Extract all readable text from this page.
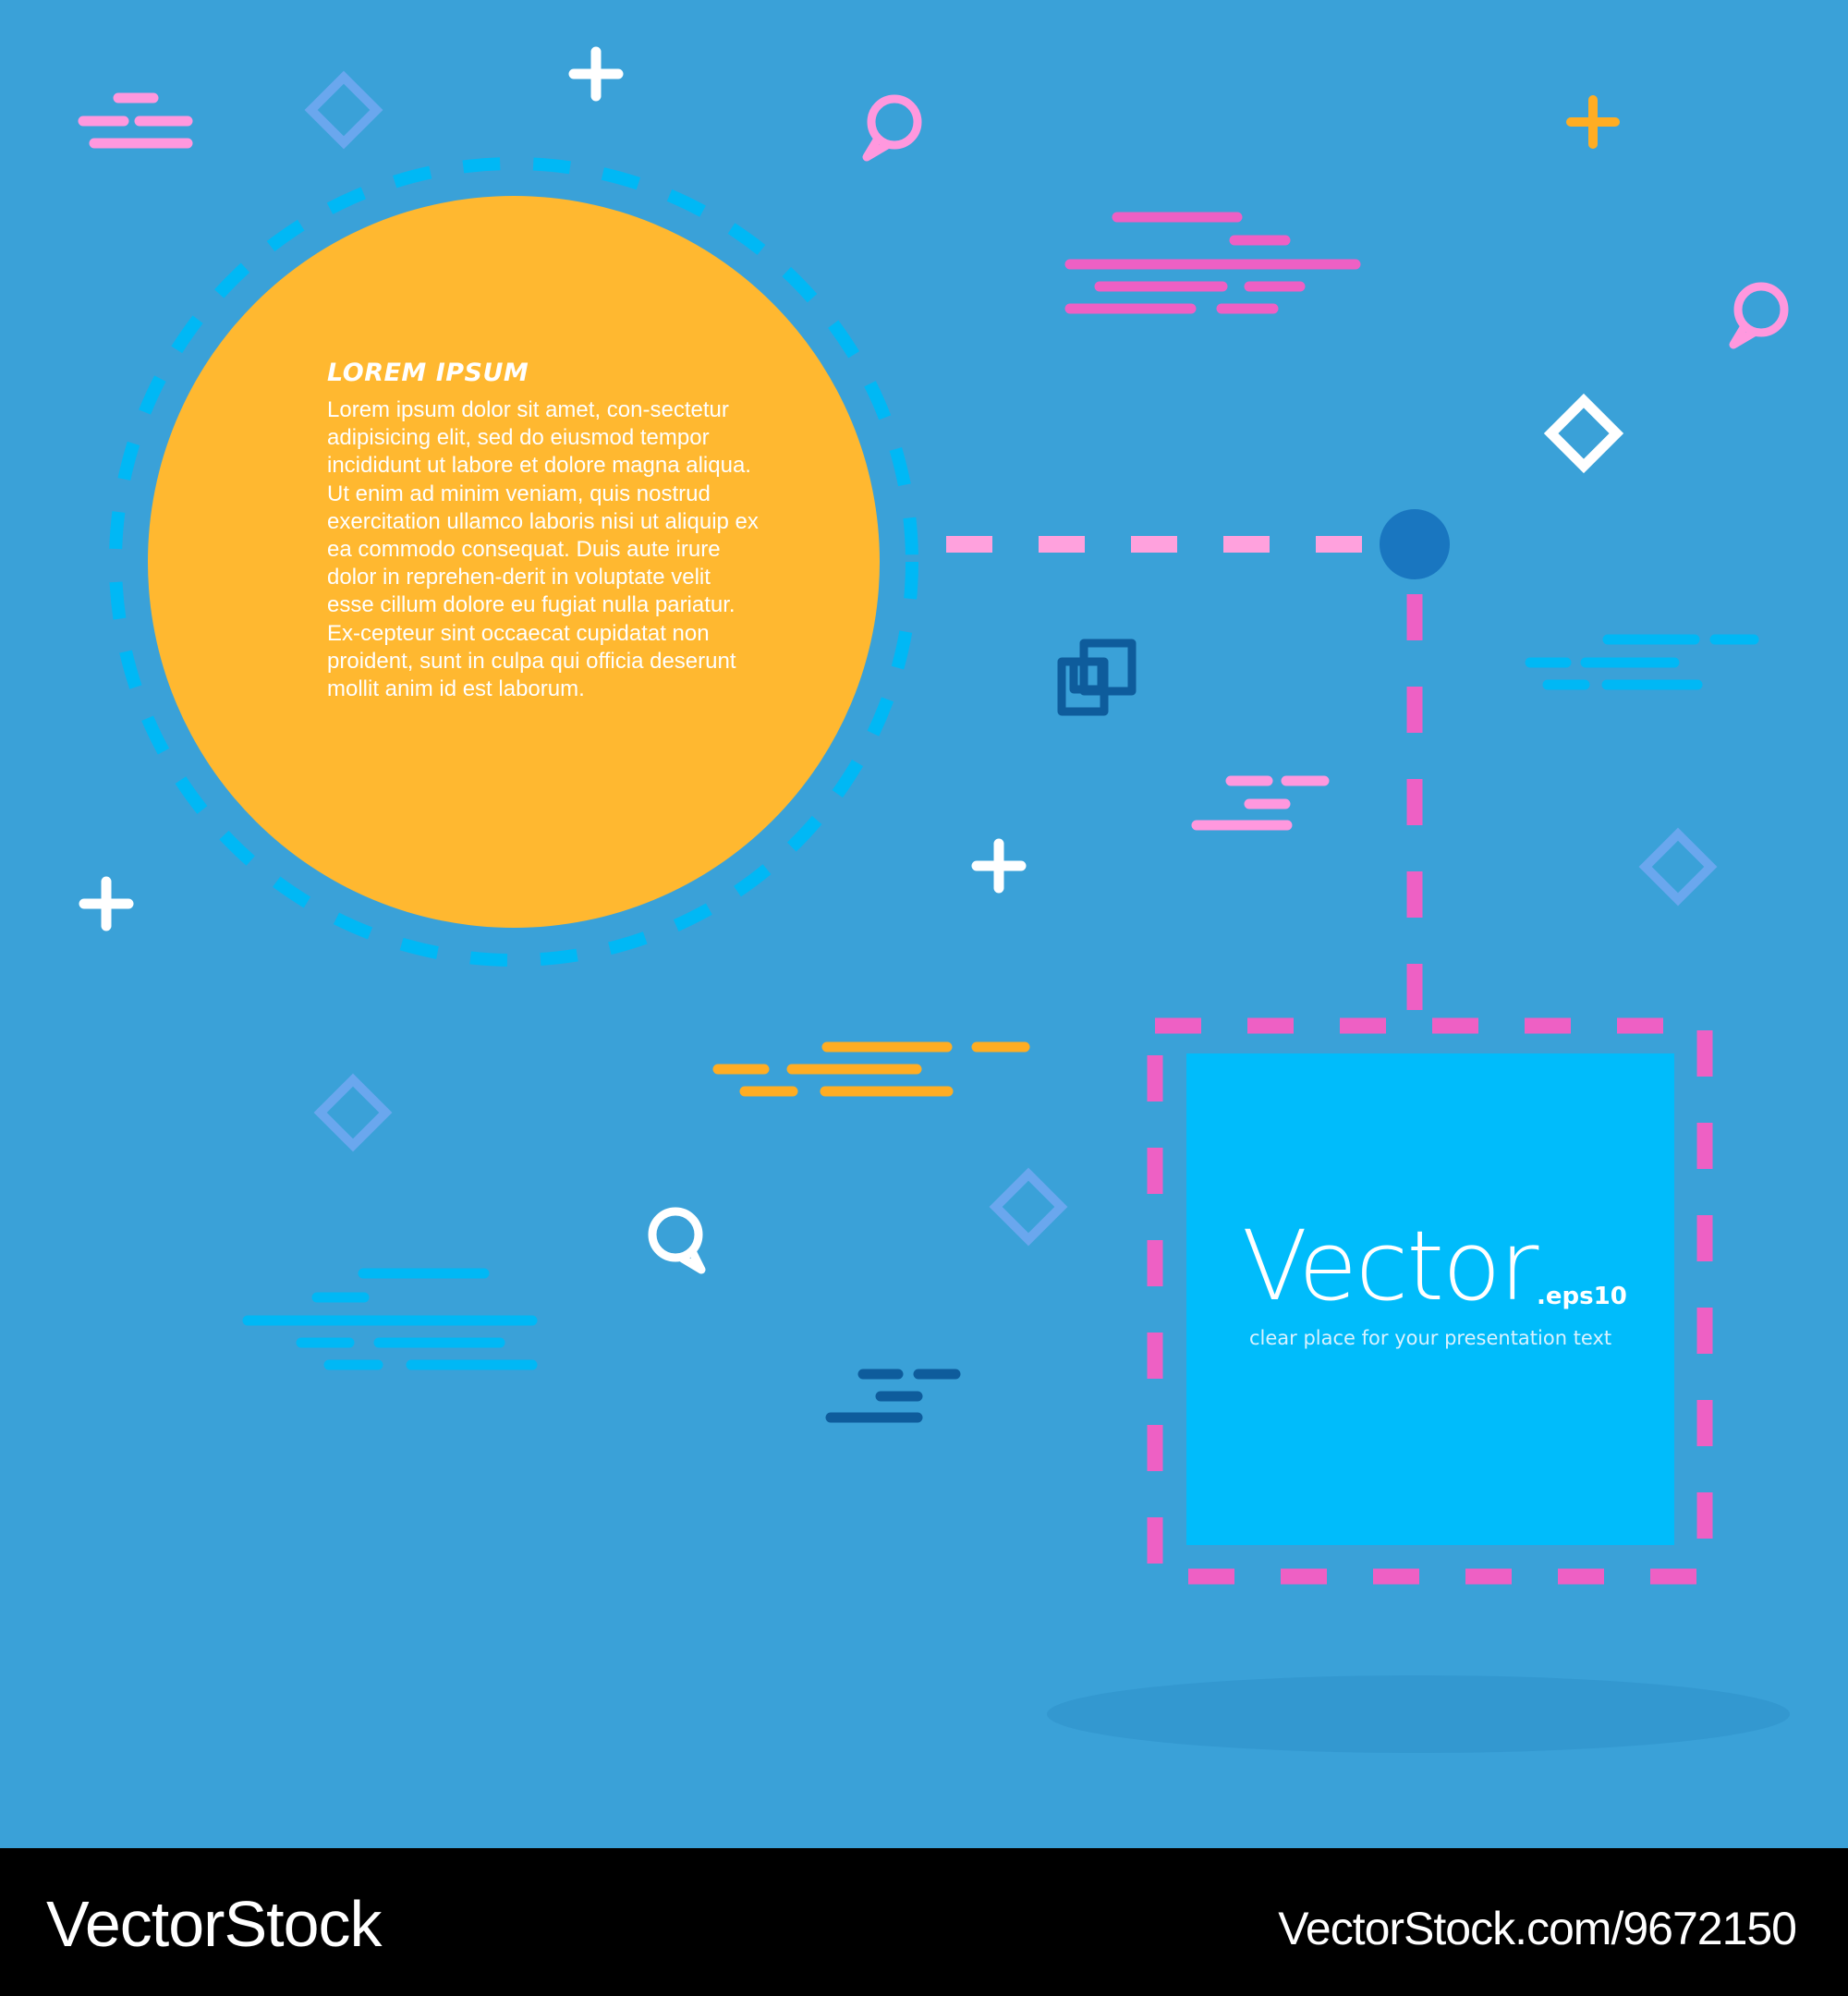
LOREM IPSUM

Lorem ipsum dolor sit amet, con-sectetur adipisicing elit, sed do eiusmod tempor incididunt ut labore et dolore magna aliqua. Ut enim ad minim veniam, quis nostrud exercitation ullamco laboris nisi ut aliquip ex ea commodo consequat. Duis aute irure dolor in reprehen-derit in voluptate velit esse cillum dolore eu fugiat nulla pariatur. Ex-cepteur sint occaecat cupidatat non proident, sunt in culpa qui officia deserunt mollit anim id est laborum.

Vector .eps10
clear place for your presentation text
VectorStock	VectorStock.com/9672150
